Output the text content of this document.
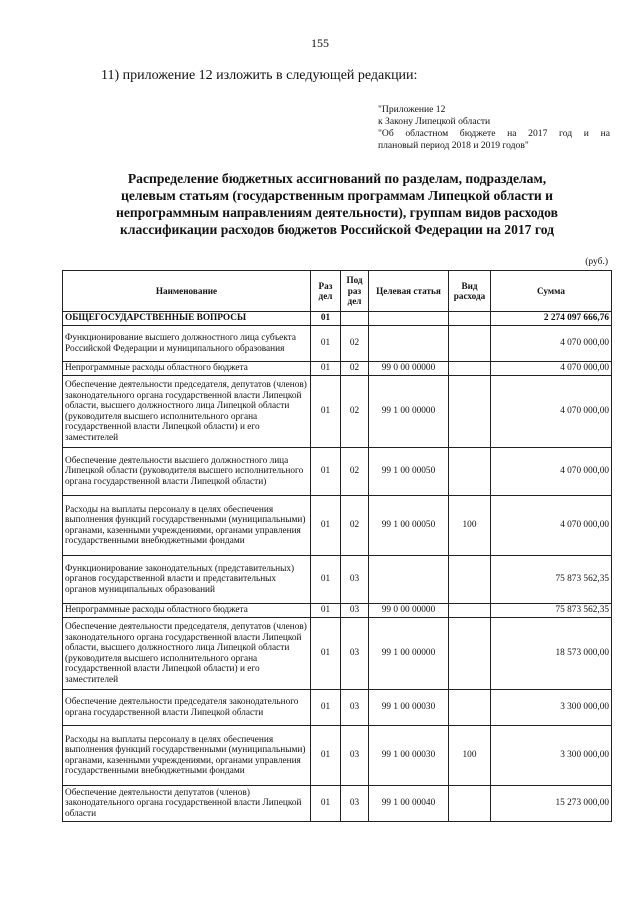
155
11) приложение 12 изложить в следующей редакции:
"Приложение 12
к Закону Липецкой области
"Об областном бюджете на 2017 год и на
плановый период 2018 и 2019 годов"
Распределение бюджетных ассигнований по разделам, подразделам,
целевым статьям (государственным программам Липецкой области и
непрограммным направлениям деятельности), группам видов расходов
классификации расходов бюджетов Российской Федерации на 2017 год
(руб.)
Наименование	Раз дел	Под раз дел	Целевая статья	Вид расхода	Сумма
ОБЩЕГОСУДАРСТВЕННЫЕ ВОПРОСЫ	01				2 274 097 666,76
Функционирование высшего должностного лица субъекта Российской Федерации и муниципального образования	01	02			4 070 000,00
Непрограммные расходы областного бюджета	01	02	99 0 00 00000		4 070 000,00
Обеспечение деятельности председателя, депутатов (членов) законодательного органа государственной власти Липецкой области, высшего должностного лица Липецкой области (руководителя высшего исполнительного органа государственной власти Липецкой области) и его заместителей	01	02	99 1 00 00000		4 070 000,00
Обеспечение деятельности высшего должностного лица Липецкой области (руководителя высшего исполнительного органа государственной власти Липецкой области)	01	02	99 1 00 00050		4 070 000,00
Расходы на выплаты персоналу в целях обеспечения выполнения функций государственными (муниципальными) органами, казенными учреждениями, органами управления государственными внебюджетными фондами	01	02	99 1 00 00050	100	4 070 000,00
Функционирование законодательных (представительных) органов государственной власти и представительных органов муниципальных образований	01	03			75 873 562,35
Непрограммные расходы областного бюджета	01	03	99 0 00 00000		75 873 562,35
Обеспечение деятельности председателя, депутатов (членов) законодательного органа государственной власти Липецкой области, высшего должностного лица Липецкой области (руководителя высшего исполнительного органа государственной власти Липецкой области) и его заместителей	01	03	99 1 00 00000		18 573 000,00
Обеспечение деятельности председателя законодательного органа государственной власти Липецкой области	01	03	99 1 00 00030		3 300 000,00
Расходы на выплаты персоналу в целях обеспечения выполнения функций государственными (муниципальными) органами, казенными учреждениями, органами управления государственными внебюджетными фондами	01	03	99 1 00 00030	100	3 300 000,00
Обеспечение деятельности депутатов (членов) законодательного органа государственной власти Липецкой области	01	03	99 1 00 00040		15 273 000,00
